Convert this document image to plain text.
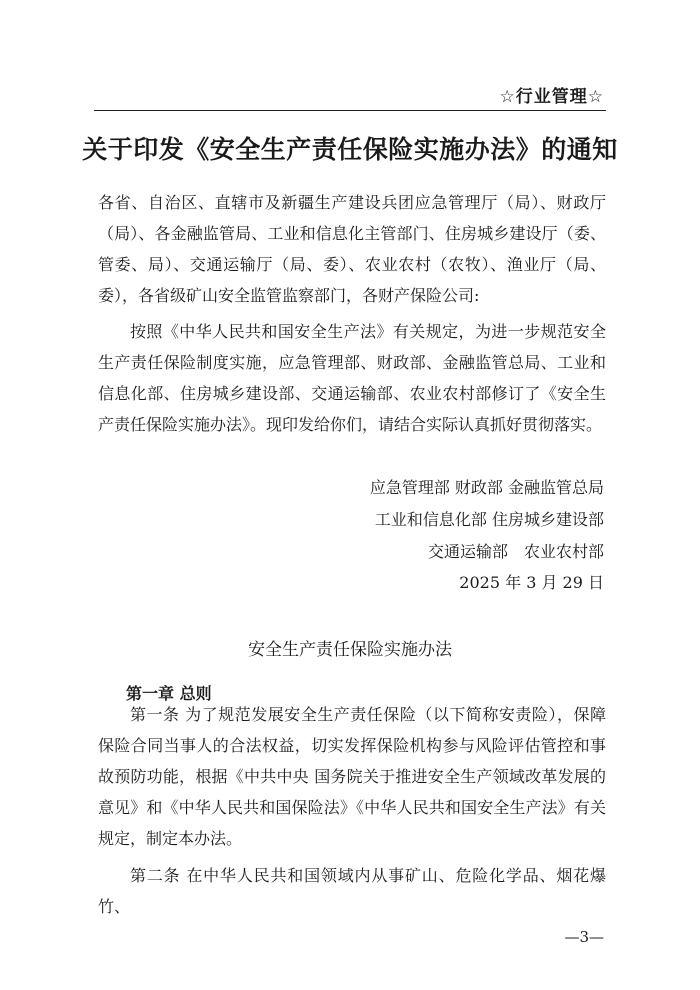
☆行业管理☆
关于印发《安全生产责任保险实施办法》的通知

各省、自治区、直辖市及新疆生产建设兵团应急管理厅（局）、财政厅（局）、各金融监管局、工业和信息化主管部门、住房城乡建设厅（委、管委、局）、交通运输厅（局、委）、农业农村（农牧）、渔业厅（局、委），各省级矿山安全监管监察部门，各财产保险公司:

按照《中华人民共和国安全生产法》有关规定，为进一步规范安全生产责任保险制度实施，应急管理部、财政部、金融监管总局、工业和信息化部、住房城乡建设部、交通运输部、农业农村部修订了《安全生产责任保险实施办法》。现印发给你们，请结合实际认真抓好贯彻落实。

应急管理部 财政部 金融监管总局
工业和信息化部 住房城乡建设部
交通运输部　农业农村部
2025 年 3 月 29 日
安全生产责任保险实施办法
第一章 总则

第一条 为了规范发展安全生产责任保险（以下简称安责险），保障保险合同当事人的合法权益，切实发挥保险机构参与风险评估管控和事故预防功能，根据《中共中央 国务院关于推进安全生产领域改革发展的意见》和《中华人民共和国保险法》《中华人民共和国安全生产法》有关规定，制定本办法。

第二条 在中华人民共和国领域内从事矿山、危险化学品、烟花爆竹、

—3—
